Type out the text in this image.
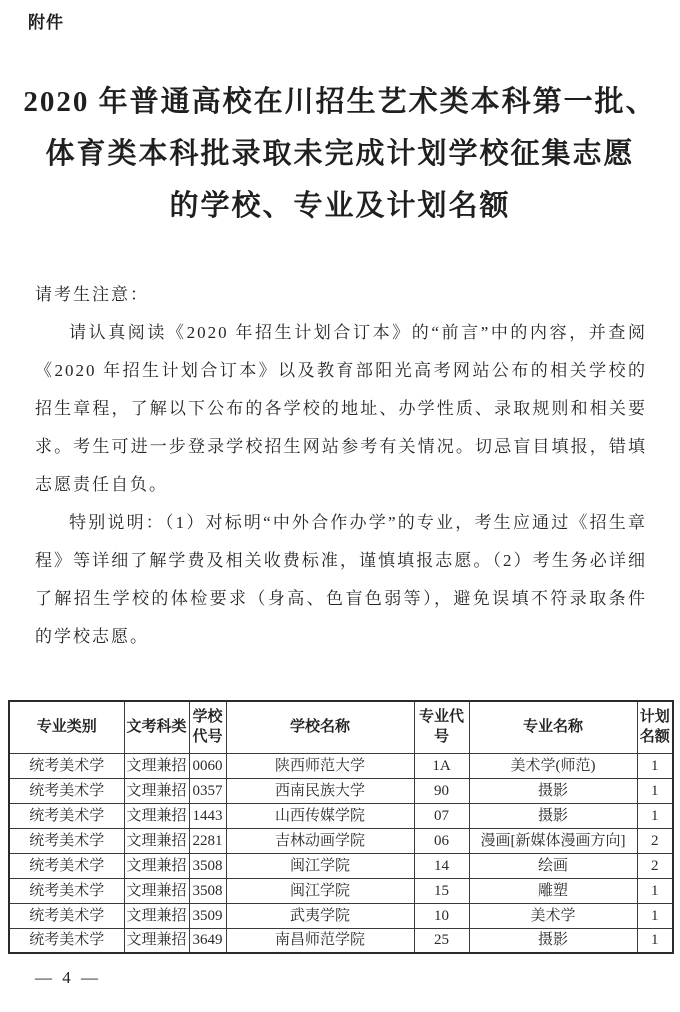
附件
2020 年普通高校在川招生艺术类本科第一批、
体育类本科批录取未完成计划学校征集志愿
的学校、专业及计划名额

请考生注意：

请认真阅读《2020 年招生计划合订本》的“前言”中的内容，并查阅《2020 年招生计划合订本》以及教育部阳光高考网站公布的相关学校的招生章程，了解以下公布的各学校的地址、办学性质、录取规则和相关要求。考生可进一步登录学校招生网站参考有关情况。切忌盲目填报，错填志愿责任自负。

特别说明：（1）对标明“中外合作办学”的专业，考生应通过《招生章程》等详细了解学费及相关收费标准，谨慎填报志愿。（2）考生务必详细了解招生学校的体检要求（身高、色盲色弱等），避免误填不符录取条件的学校志愿。

专业类别	文考科类	学校代号	学校名称	专业代号	专业名称	计划名额
统考美术学	文理兼招	0060	陕西师范大学	1A	美术学(师范)	1
统考美术学	文理兼招	0357	西南民族大学	90	摄影	1
统考美术学	文理兼招	1443	山西传媒学院	07	摄影	1
统考美术学	文理兼招	2281	吉林动画学院	06	漫画[新媒体漫画方向]	2
统考美术学	文理兼招	3508	闽江学院	14	绘画	2
统考美术学	文理兼招	3508	闽江学院	15	雕塑	1
统考美术学	文理兼招	3509	武夷学院	10	美术学	1
统考美术学	文理兼招	3649	南昌师范学院	25	摄影	1
— 4 —
